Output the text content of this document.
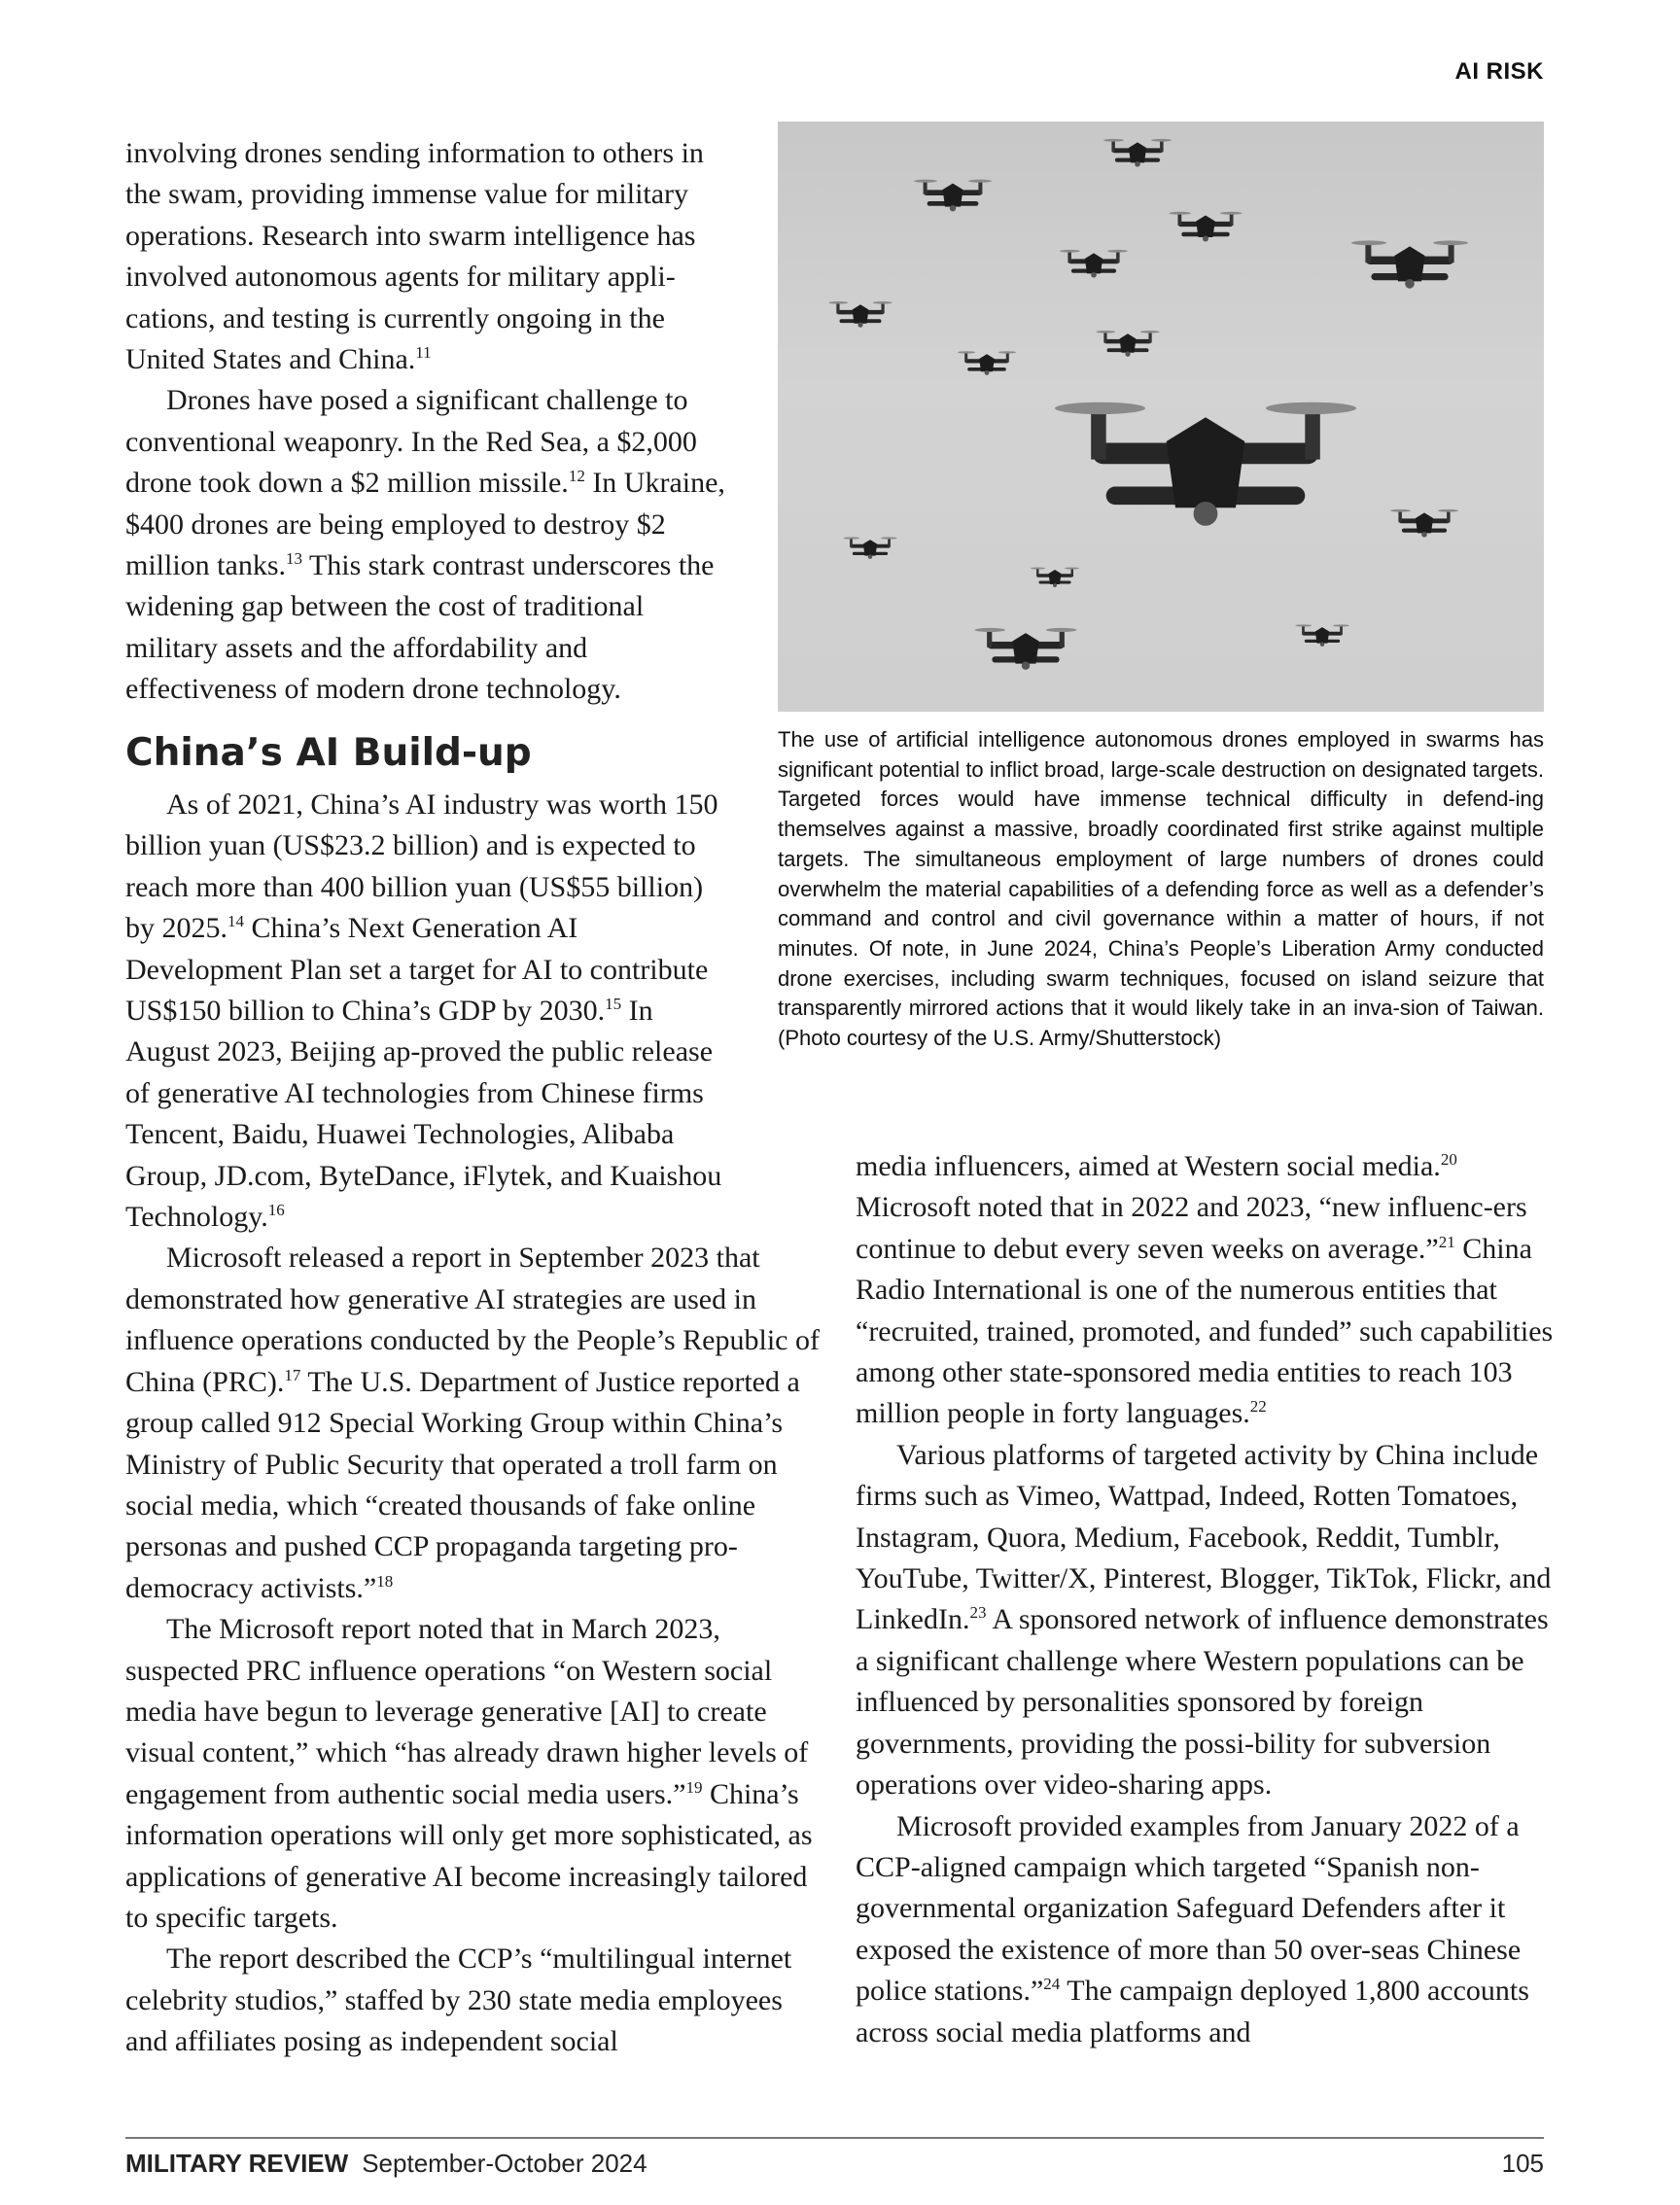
AI RISK

involving drones sending information to others in the swam, providing immense value for military operations. Research into swarm intelligence has involved autonomous agents for military appli-cations, and testing is currently ongoing in the United States and China.$^{11}$

Drones have posed a significant challenge to conventional weaponry. In the Red Sea, a $2,000 drone took down a $2 million missile.$^{12}$ In Ukraine, $400 drones are being employed to destroy $2 million tanks.$^{13}$ This stark contrast underscores the widening gap between the cost of traditional military assets and the affordability and effectiveness of modern drone technology.

China’s AI Build-up

As of 2021, China’s AI industry was worth 150 billion yuan (US$23.2 billion) and is expected to reach more than 400 billion yuan (US$55 billion) by 2025.14 China’s Next Generation AI Development Plan set a target for AI to contribute US$150 billion to China’s GDP by 2030.15 In August 2023, Beijing ap-proved the public release of generative AI technologies from Chinese firms Tencent, Baidu, Huawei Technologies, Alibaba Group, JD.com, ByteDance, iFlytek, and Kuaishou Technology.$^{16}$

Microsoft released a report in September 2023 that demonstrated how generative AI strategies are used in influence operations conducted by the People’s Republic of China (PRC).$^{17}$ The U.S. Department of Justice reported a group called 912 Special Working Group within China’s Ministry of Public Security that operated a troll farm on social media, which “created thousands of fake online personas and pushed CCP propaganda targeting pro-democracy activists.”$^{18}$

The Microsoft report noted that in March 2023, suspected PRC influence operations “on Western social media have begun to leverage generative [AI] to create visual content,” which “has already drawn higher levels of engagement from authentic social media users.”$^{19}$ China’s information operations will only get more sophisticated, as applications of generative AI become increasingly tailored to specific targets.

The report described the CCP’s “multilingual internet celebrity studios,” staffed by 230 state media employees and affiliates posing as independent social

The use of artificial intelligence autonomous drones employed in swarms has significant potential to inflict broad, large-scale destruction on designated targets. Targeted forces would have immense technical difficulty in defend-ing themselves against a massive, broadly coordinated first strike against multiple targets. The simultaneous employment of large numbers of drones could overwhelm the material capabilities of a defending force as well as a defender’s command and control and civil governance within a matter of hours, if not minutes. Of note, in June 2024, China’s People’s Liberation Army conducted drone exercises, including swarm techniques, focused on island seizure that transparently mirrored actions that it would likely take in an inva-sion of Taiwan. (Photo courtesy of the U.S. Army/Shutterstock)

media influencers, aimed at Western social media.$^{20}$ Microsoft noted that in 2022 and 2023, “new influenc-ers continue to debut every seven weeks on average.”$^{21}$ China Radio International is one of the numerous entities that “recruited, trained, promoted, and funded” such capabilities among other state-sponsored media entities to reach 103 million people in forty languages.$^{22}$

Various platforms of targeted activity by China include firms such as Vimeo, Wattpad, Indeed, Rotten Tomatoes, Instagram, Quora, Medium, Facebook, Reddit, Tumblr, YouTube, Twitter/X, Pinterest, Blogger, TikTok, Flickr, and LinkedIn.$^{23}$ A sponsored network of influence demonstrates a significant challenge where Western populations can be influenced by personalities sponsored by foreign governments, providing the possi-bility for subversion operations over video-sharing apps.

Microsoft provided examples from January 2022 of a CCP-aligned campaign which targeted “Spanish non-governmental organization Safeguard Defenders after it exposed the existence of more than 50 over-seas Chinese police stations.”$^{24}$ The campaign deployed 1,800 accounts across social media platforms and

MILITARY REVIEW September-October 2024	105
